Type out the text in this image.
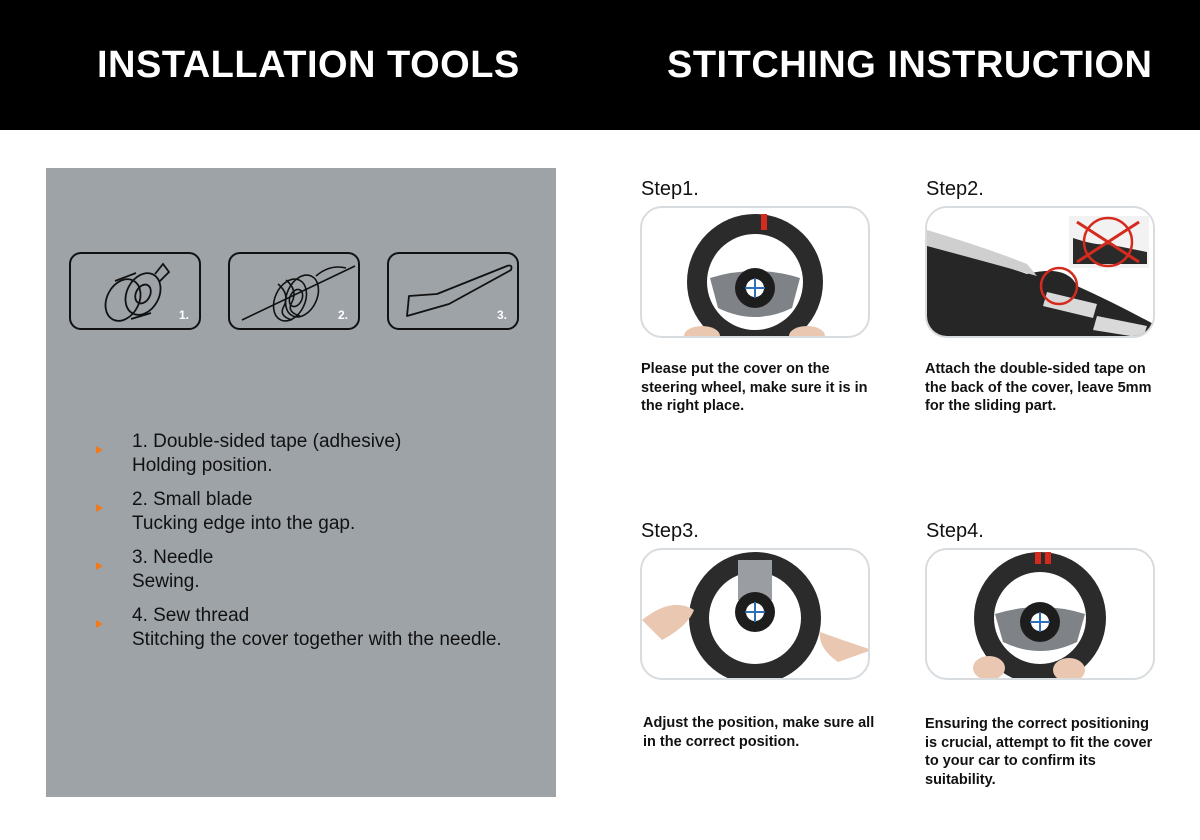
INSTALLATION TOOLS	STITCHING INSTRUCTION
1.	2.	3.
1. Double-sided tape (adhesive)
Holding position.
2. Small blade
Tucking edge into the gap.
3. Needle
Sewing.
4. Sew thread
Stitching the cover together with the needle.
Step1.
Please put the cover on the steering wheel, make sure it is in the right place.
Step2.
Attach the double-sided tape on the back of the cover, leave 5mm for the sliding part.
Step3.
Adjust the position, make sure all in the correct position.
Step4.
Ensuring the correct positioning is crucial, attempt to fit the cover to your car to confirm its suitability.
